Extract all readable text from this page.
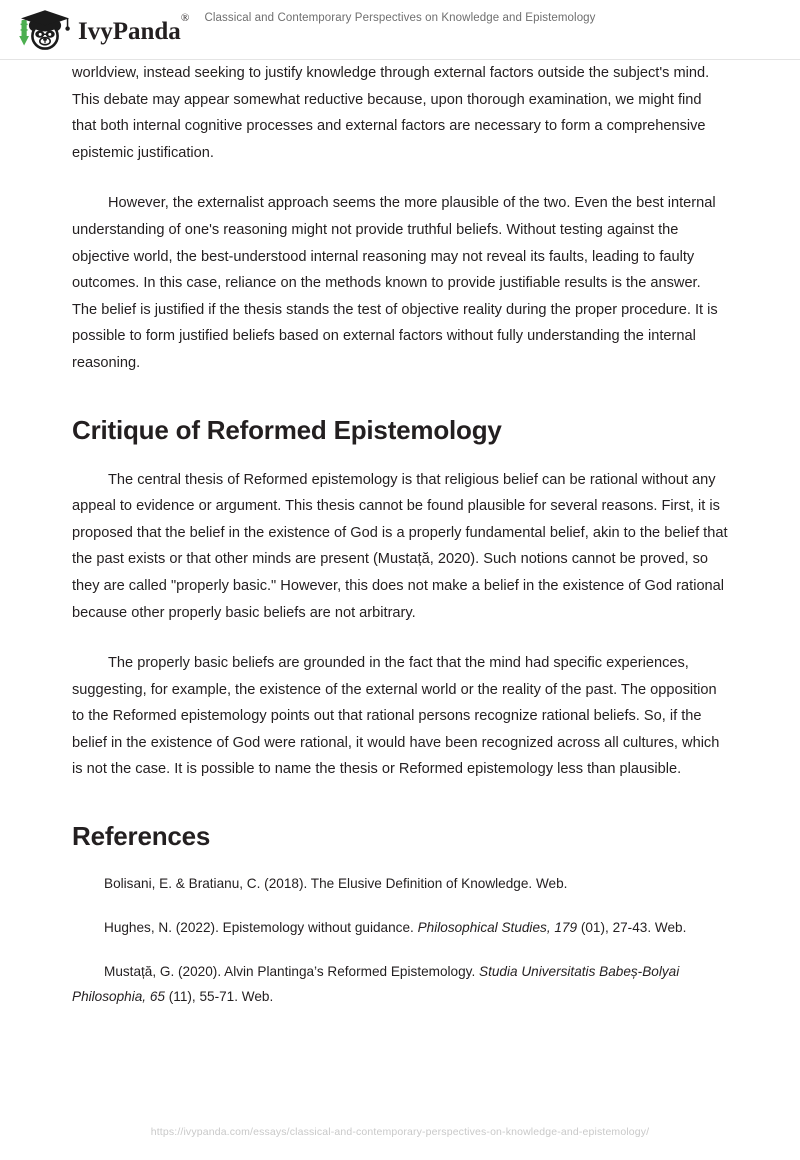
IvyPanda®	Classical and Contemporary Perspectives on Knowledge and Epistemology

worldview, instead seeking to justify knowledge through external factors outside the subject's mind. This debate may appear somewhat reductive because, upon thorough examination, we might find that both internal cognitive processes and external factors are necessary to form a comprehensive epistemic justification.

However, the externalist approach seems the more plausible of the two. Even the best internal understanding of one's reasoning might not provide truthful beliefs. Without testing against the objective world, the best-understood internal reasoning may not reveal its faults, leading to faulty outcomes. In this case, reliance on the methods known to provide justifiable results is the answer. The belief is justified if the thesis stands the test of objective reality during the proper procedure. It is possible to form justified beliefs based on external factors without fully understanding the internal reasoning.

Critique of Reformed Epistemology

The central thesis of Reformed epistemology is that religious belief can be rational without any appeal to evidence or argument. This thesis cannot be found plausible for several reasons. First, it is proposed that the belief in the existence of God is a properly fundamental belief, akin to the belief that the past exists or that other minds are present (Mustață, 2020). Such notions cannot be proved, so they are called "properly basic." However, this does not make a belief in the existence of God rational because other properly basic beliefs are not arbitrary.

The properly basic beliefs are grounded in the fact that the mind had specific experiences, suggesting, for example, the existence of the external world or the reality of the past. The opposition to the Reformed epistemology points out that rational persons recognize rational beliefs. So, if the belief in the existence of God were rational, it would have been recognized across all cultures, which is not the case. It is possible to name the thesis or Reformed epistemology less than plausible.

References

Bolisani, E. & Bratianu, C. (2018). The Elusive Definition of Knowledge. Web.

Hughes, N. (2022). Epistemology without guidance. Philosophical Studies, 179 (01), 27-43. Web.

Mustață, G. (2020). Alvin Plantinga’s Reformed Epistemology. Studia Universitatis Babeș-Bolyai Philosophia, 65 (11), 55-71. Web.

https://ivypanda.com/essays/classical-and-contemporary-perspectives-on-knowledge-and-epistemology/
